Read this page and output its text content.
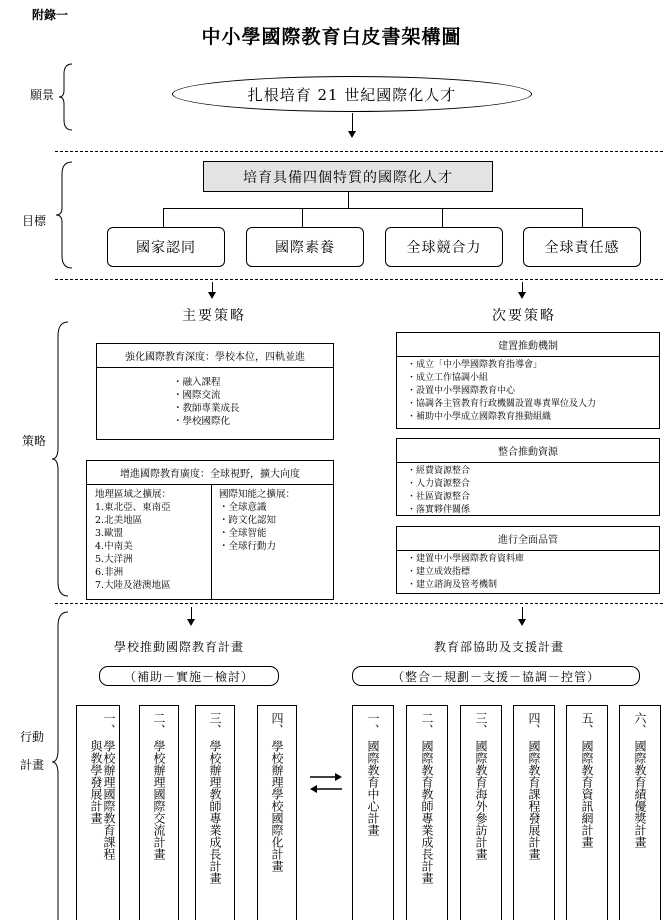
附錄一
中小學國際教育白皮書架構圖
願景
目標
策略
行動
計畫
扎根培育 21 世紀國際化人才
培育具備四個特質的國際化人才
國家認同	國際素養	全球競合力	全球責任感
主要策略	次要策略
強化國際教育深度：學校本位，四軌並進
・融入課程
・國際交流
・教師專業成長
・學校國際化
增進國際教育廣度：全球視野，擴大向度
地理區域之擴展：
1.東北亞、東南亞
2.北美地區
3.歐盟
4.中南美
5.大洋洲
6.非洲
7.大陸及港澳地區
國際知能之擴展：
・全球意識
・跨文化認知
・全球智能
・全球行動力
建置推動機制
・成立「中小學國際教育指導會」
・成立工作協調小組
・設置中小學國際教育中心
・協調各主管教育行政機關設置專責單位及人力
・補助中小學成立國際教育推動組織
整合推動資源
・經費資源整合
・人力資源整合
・社區資源整合
・落實夥伴關係
進行全面品管
・建置中小學國際教育資料庫
・建立成效指標
・建立諮詢及管考機制
學校推動國際教育計畫	教育部協助及支援計畫
（補助－實施－檢討）	（整合－規劃－支援－協調－控管）
一、
學校辦理國際教育課程
與教學發展計畫
二、
學校辦理國際交流計畫
三、
學校辦理教師專業成長計畫
四、
學校辦理學校國際化計畫
一、
國際教育中心計畫
二、
國際教育教師專業成長計畫
三、
國際教育海外參訪計畫
四、
國際教育課程發展計畫
五、
國際教育資訊網計畫
六、
國際教育績優獎計畫
